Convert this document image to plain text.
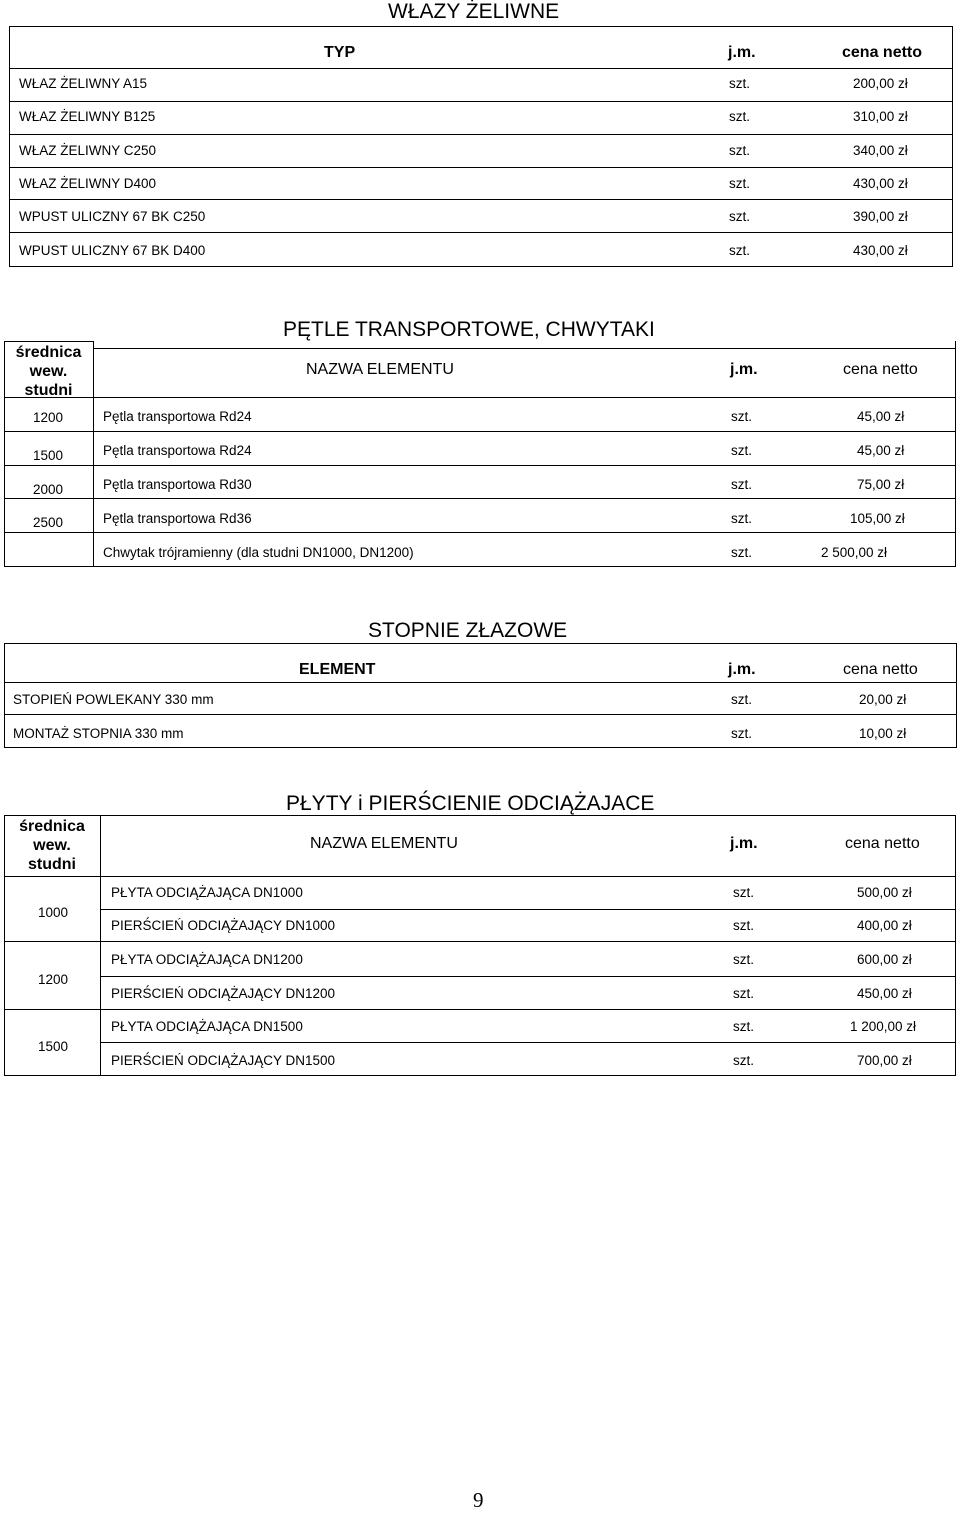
WŁAZY ŻELIWNE
TYP	j.m.	cena netto
WŁAZ ŻELIWNY A15	szt.	200,00 zł
WŁAZ ŻELIWNY B125	szt.	310,00 zł
WŁAZ ŻELIWNY C250	szt.	340,00 zł
WŁAZ ŻELIWNY D400	szt.	430,00 zł
WPUST ULICZNY 67 BK C250	szt.	390,00 zł
WPUST ULICZNY 67 BK D400	szt.	430,00 zł
PĘTLE TRANSPORTOWE, CHWYTAKI
średnica
wew.
studni
NAZWA ELEMENTU	j.m.	cena netto
1200	Pętla transportowa Rd24	szt.	45,00 zł
1500	Pętla transportowa Rd24	szt.	45,00 zł
2000	Pętla transportowa Rd30	szt.	75,00 zł
2500	Pętla transportowa Rd36	szt.	105,00 zł
Chwytak trójramienny (dla studni DN1000, DN1200)	szt.	2 500,00 zł
STOPNIE ZŁAZOWE
ELEMENT	j.m.	cena netto
STOPIEŃ POWLEKANY 330 mm	szt.	20,00 zł
MONTAŻ STOPNIA 330 mm	szt.	10,00 zł
PŁYTY i PIERŚCIENIE ODCIĄŻAJACE
średnica
wew.
studni
NAZWA ELEMENTU	j.m.	cena netto
1000
PŁYTA ODCIĄŻAJĄCA DN1000	szt.	500,00 zł
PIERŚCIEŃ ODCIĄŻAJĄCY DN1000	szt.	400,00 zł
1200
PŁYTA ODCIĄŻAJĄCA DN1200	szt.	600,00 zł
PIERŚCIEŃ ODCIĄŻAJĄCY DN1200	szt.	450,00 zł
1500
PŁYTA ODCIĄŻAJĄCA DN1500	szt.	1 200,00 zł
PIERŚCIEŃ ODCIĄŻAJĄCY DN1500	szt.	700,00 zł
9
